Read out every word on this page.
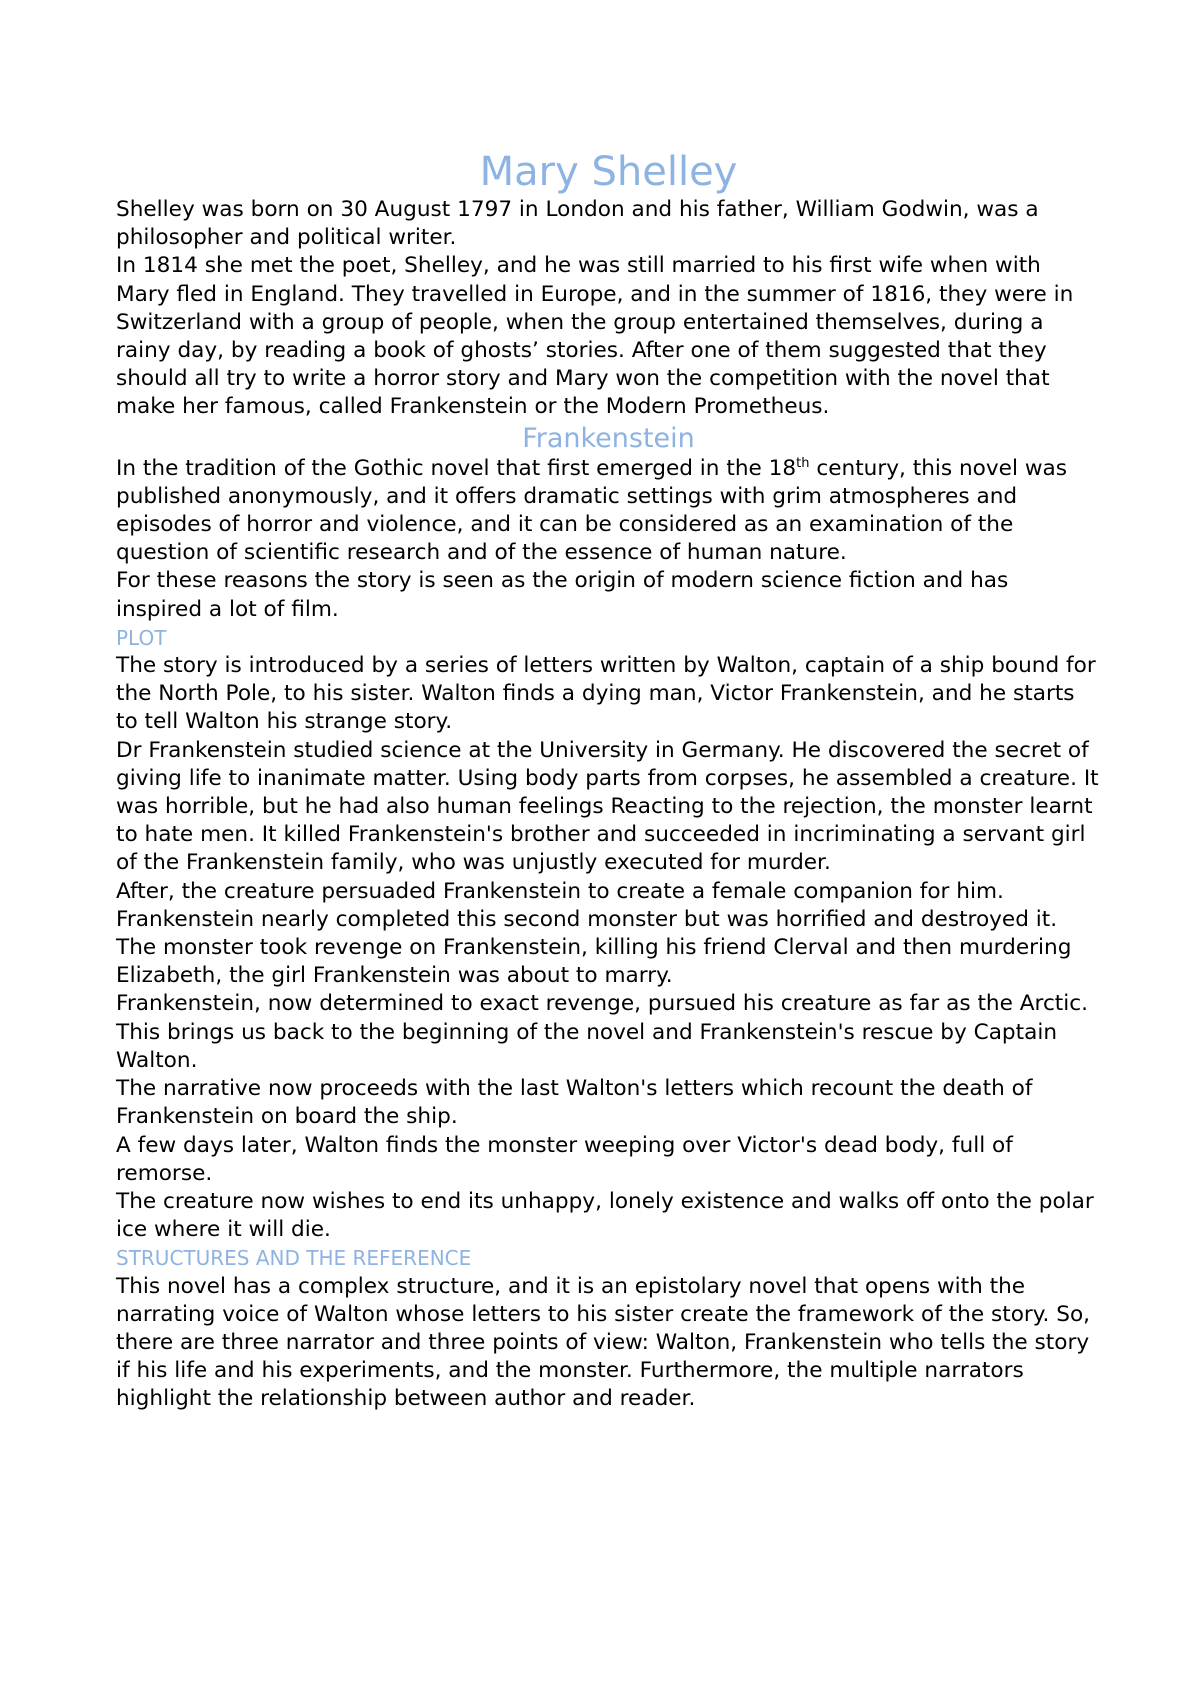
Mary Shelley

Shelley was born on 30 August 1797 in London and his father, William Godwin, was a philosopher and political writer.

In 1814 she met the poet, Shelley, and he was still married to his first wife when with Mary fled in England. They travelled in Europe, and in the summer of 1816, they were in Switzerland with a group of people, when the group entertained themselves, during a rainy day, by reading a book of ghosts’ stories. After one of them suggested that they should all try to write a horror story and Mary won the competition with the novel that make her famous, called Frankenstein or the Modern Prometheus.

Frankenstein

In the tradition of the Gothic novel that first emerged in the 18th century, this novel was published anonymously, and it offers dramatic settings with grim atmospheres and episodes of horror and violence, and it can be considered as an examination of the question of scientific research and of the essence of human nature.

For these reasons the story is seen as the origin of modern science fiction and has inspired a lot of film.

PLOT

The story is introduced by a series of letters written by Walton, captain of a ship bound for the North Pole, to his sister. Walton finds a dying man, Victor Frankenstein, and he starts to tell Walton his strange story.

Dr Frankenstein studied science at the University in Germany. He discovered the secret of giving life to inanimate matter. Using body parts from corpses, he assembled a creature. It was horrible, but he had also human feelings Reacting to the rejection, the monster learnt to hate men. It killed Frankenstein's brother and succeeded in incriminating a servant girl of the Frankenstein family, who was unjustly executed for murder.

After, the creature persuaded Frankenstein to create a female companion for him.

Frankenstein nearly completed this second monster but was horrified and destroyed it. The monster took revenge on Frankenstein, killing his friend Clerval and then murdering Elizabeth, the girl Frankenstein was about to marry.

Frankenstein, now determined to exact revenge, pursued his creature as far as the Arctic. This brings us back to the beginning of the novel and Frankenstein's rescue by Captain Walton.

The narrative now proceeds with the last Walton's letters which recount the death of Frankenstein on board the ship.

A few days later, Walton finds the monster weeping over Victor's dead body, full of remorse.

The creature now wishes to end its unhappy, lonely existence and walks off onto the polar ice where it will die.

STRUCTURES AND THE REFERENCE

This novel has a complex structure, and it is an epistolary novel that opens with the narrating voice of Walton whose letters to his sister create the framework of the story. So, there are three narrator and three points of view: Walton, Frankenstein who tells the story if his life and his experiments, and the monster. Furthermore, the multiple narrators highlight the relationship between author and reader.
